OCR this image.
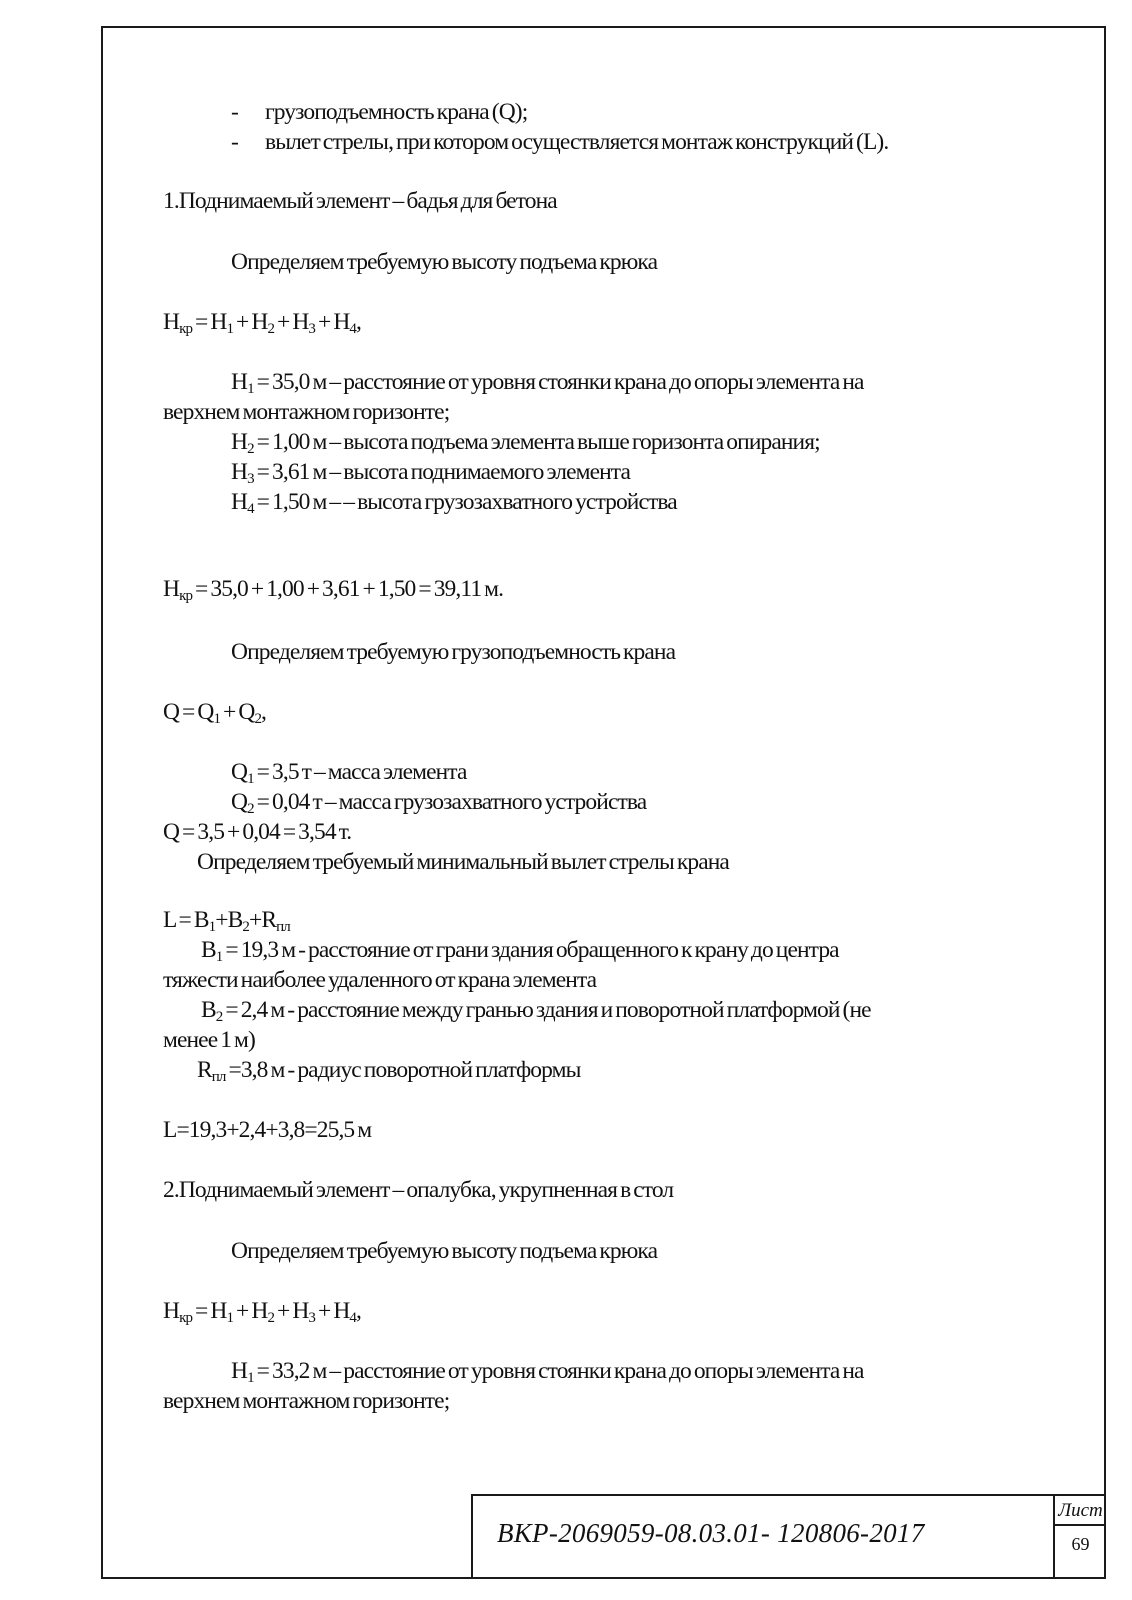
- грузоподъемность крана (Q);
- вылет стрелы, при котором осуществляется монтаж конструкций (L).
1.Поднимаемый элемент – бадья для бетона
Определяем требуемую высоту подъема крюка
$H_{кр} = H_1 + H_2 + H_3 + H_4$,
$H_1 = 35,0$ м – расстояние от уровня стоянки крана до опоры элемента на
верхнем монтажном горизонте;
$H_2 = 1,00$ м – высота подъема элемента выше горизонта опирания;
$H_3 = 3,61$ м – высота поднимаемого элемента
$H_4 = 1,50$ м – – высота грузозахватного устройства
$H_{кр} = 35,0 + 1,00 + 3,61 + 1,50 = 39,11$ м.
Определяем требуемую грузоподъемность крана
$Q = Q_1 + Q_2$,
$Q_1 = 3,5$ т – масса элемента
$Q_2 = 0,04$ т – масса грузозахватного устройства
Q = 3,5 + 0,04 = 3,54 т.
Определяем требуемый минимальный вылет стрелы крана
$L = B_1+B_2+R_{пл}$
$B_1 = 19,3$ м - расстояние от грани здания обращенного к крану до центра
тяжести наиболее удаленного от крана элемента
$B_2 = 2,4$ м - расстояние между гранью здания и поворотной платформой (не
менее 1 м)
$R_{пл} =3,8$ м - радиус поворотной платформы
L=19,3+2,4+3,8=25,5 м
2.Поднимаемый элемент – опалубка, укрупненная в стол
Определяем требуемую высоту подъема крюка
$H_{кр} = H_1 + H_2 + H_3 + H_4$,
$H_1 = 33,2$ м – расстояние от уровня стоянки крана до опоры элемента на
верхнем монтажном горизонте;
ВКР-2069059-08.03.01- 120806-2017
Лист
69
